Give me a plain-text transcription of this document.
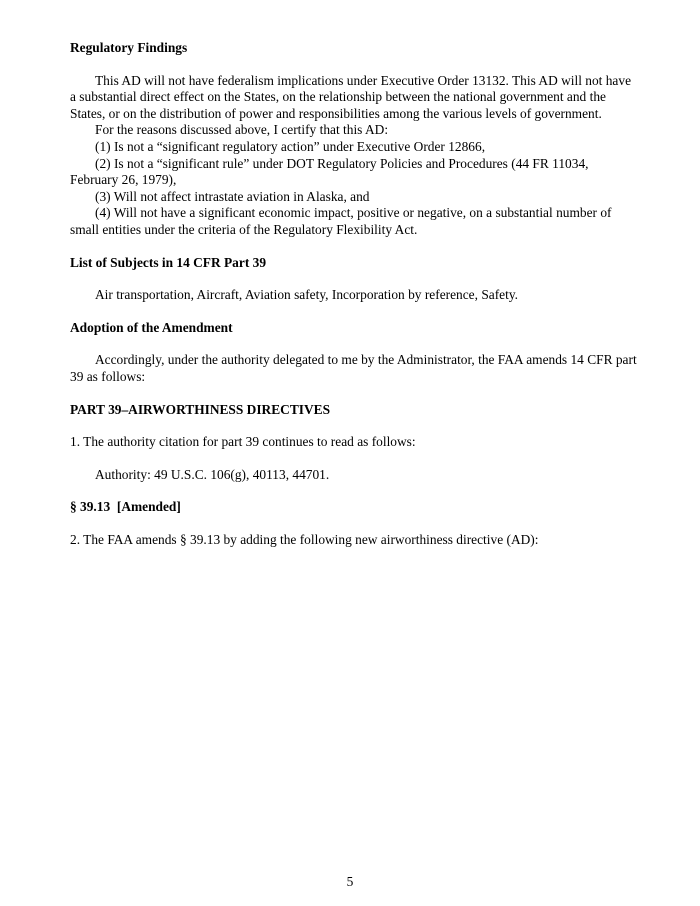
Regulatory Findings

This AD will not have federalism implications under Executive Order 13132. This AD will not have a substantial direct effect on the States, on the relationship between the national government and the States, or on the distribution of power and responsibilities among the various levels of government.

For the reasons discussed above, I certify that this AD:

(1) Is not a “significant regulatory action” under Executive Order 12866,

(2) Is not a “significant rule” under DOT Regulatory Policies and Procedures (44 FR 11034, February 26, 1979),

(3) Will not affect intrastate aviation in Alaska, and

(4) Will not have a significant economic impact, positive or negative, on a substantial number of small entities under the criteria of the Regulatory Flexibility Act.

List of Subjects in 14 CFR Part 39

Air transportation, Aircraft, Aviation safety, Incorporation by reference, Safety.

Adoption of the Amendment

Accordingly, under the authority delegated to me by the Administrator, the FAA amends 14 CFR part 39 as follows:

PART 39–AIRWORTHINESS DIRECTIVES

1. The authority citation for part 39 continues to read as follows:

Authority: 49 U.S.C. 106(g), 40113, 44701.

§ 39.13  [Amended]

2. The FAA amends § 39.13 by adding the following new airworthiness directive (AD):

5
